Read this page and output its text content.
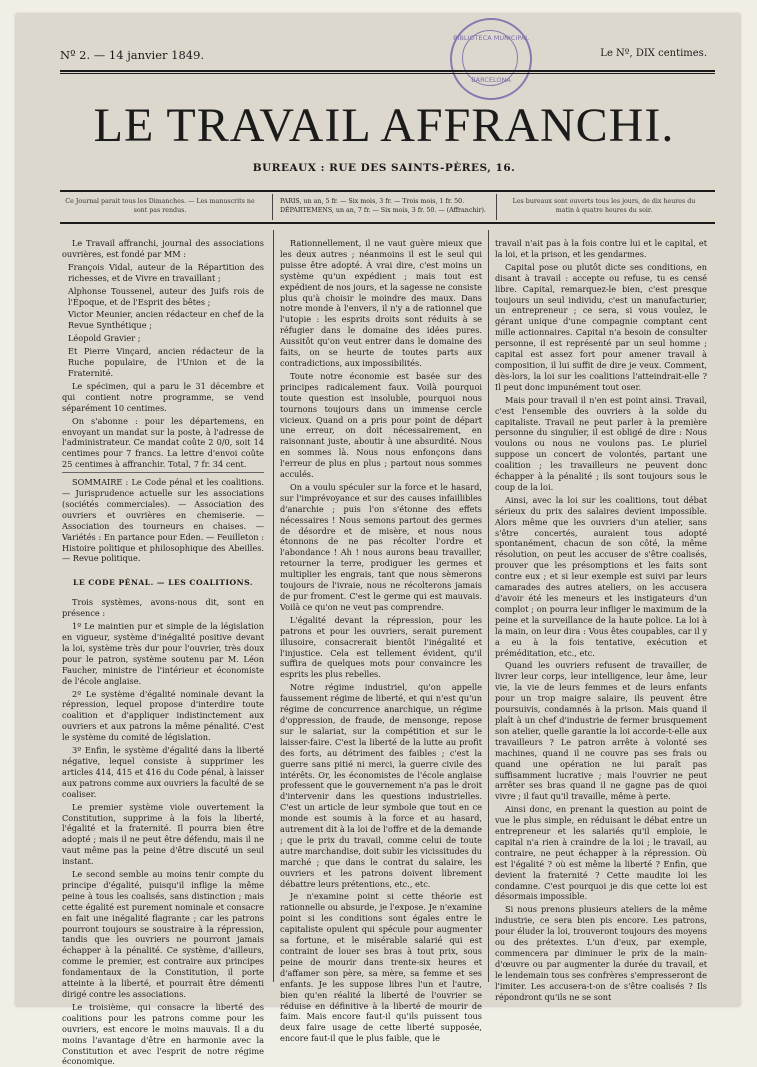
BIBLIOTECA MUNICIPAL
BARCELONA
Nº 2. — 14 janvier 1849.	Le Nº, DIX centimes.
LE TRAVAIL AFFRANCHI.
BUREAUX : RUE DES SAINTS-PÈRES, 16.
Ce Journal parait tous les Dimanches. — Les manuscrits ne sont pas rendus.
PARIS, un an, 5 fr. — Six mois, 3 fr. — Trois mois, 1 fr. 50.
DÉPARTEMENS, un an, 7 fr. — Six mois, 3 fr. 50. — (Affranchir).
Les bureaux sont ouverts tous les jours, de dix heures du matin à quatre heures du soir.

Le Travail affranchi, journal des associations ouvrières, est fondé par MM :

François Vidal, auteur de la Répartition des richesses, et de Vivre en travaillant ;

Alphonse Toussenel, auteur des Juifs rois de l'Époque, et de l'Esprit des bêtes ;

Victor Meunier, ancien rédacteur en chef de la Revue Synthétique ;

Léopold Gravier ;

Et Pierre Vinçard, ancien rédacteur de la Ruche populaire, de l'Union et de la Fraternité.

Le spécimen, qui a paru le 31 décembre et qui contient notre programme, se vend séparément 10 centimes.

On s'abonne : pour les départemens, en envoyant un mandat sur la poste, à l'adresse de l'administrateur. Ce mandat coûte 2 0/0, soit 14 centimes pour 7 francs. La lettre d'envoi coûte 25 centimes à affranchir. Total, 7 fr. 34 cent.

SOMMAIRE : Le Code pénal et les coalitions. — Jurisprudence actuelle sur les associations (sociétés commerciales). — Association des ouvriers et ouvrières en chemiserie. — Association des tourneurs en chaises. — Variétés : En partance pour Eden. — Feuilleton : Histoire politique et philosophique des Abeilles. — Revue politique.

LE CODE PÉNAL. — LES COALITIONS.

Trois systèmes, avons-nous dit, sont en présence :

1º Le maintien pur et simple de la législation en vigueur, système d'inégalité positive devant la loi, système très dur pour l'ouvrier, très doux pour le patron, système soutenu par M. Léon Faucher, ministre de l'intérieur et économiste de l'école anglaise.

2º Le système d'égalité nominale devant la répression, lequel propose d'interdire toute coalition et d'appliquer indistinctement aux ouvriers et aux patrons la même pénalité. C'est le système du comité de législation.

3º Enfin, le système d'égalité dans la liberté négative, lequel consiste à supprimer les articles 414, 415 et 416 du Code pénal, à laisser aux patrons comme aux ouvriers la faculté de se coaliser.

Le premier système viole ouvertement la Constitution, supprime à la fois la liberté, l'égalité et la fraternité. Il pourra bien être adopté ; mais il ne peut être défendu, mais il ne vaut même pas la peine d'être discuté un seul instant.

Le second semble au moins tenir compte du principe d'égalité, puisqu'il inflige la même peine à tous les coalisés, sans distinction ; mais cette égalité est purement nominale et consacre en fait une inégalité flagrante ; car les patrons pourront toujours se soustraire à la répression, tandis que les ouvriers ne pourront jamais échapper à la pénalité. Ce système, d'ailleurs, comme le premier, est contraire aux principes fondamentaux de la Constitution, il porte atteinte à la liberté, et pourrait être démenti dirigé contre les associations.

Le troisième, qui consacre la liberté des coalitions pour les patrons comme pour les ouvriers, est encore le moins mauvais. Il a du moins l'avantage d'être en harmonie avec la Constitution et avec l'esprit de notre régime économique.

Rationnellement, il ne vaut guère mieux que les deux autres ; néanmoins il est le seul qui puisse être adopté. À vrai dire, c'est moins un système qu'un expédient ; mais tout est expédient de nos jours, et la sagesse ne consiste plus qu'à choisir le moindre des maux. Dans notre monde à l'envers, il n'y a de rationnel que l'utopie : les esprits droits sont réduits à se réfugier dans le domaine des idées pures. Aussitôt qu'on veut entrer dans le domaine des faits, on se heurte de toutes parts aux contradictions, aux impossibilités.

Toute notre économie est basée sur des principes radicalement faux. Voilà pourquoi toute question est insoluble, pourquoi nous tournons toujours dans un immense cercle vicieux. Quand on a pris pour point de départ une erreur, on doit nécessairement, en raisonnant juste, aboutir à une absurdité. Nous en sommes là. Nous nous enfonçons dans l'erreur de plus en plus ; partout nous sommes acculés.

On a voulu spéculer sur la force et le hasard, sur l'imprévoyance et sur des causes infaillibles d'anarchie ; puis l'on s'étonne des effets nécessaires ! Nous semons partout des germes de désordre et de misère, et nous nous étonnons de ne pas récolter l'ordre et l'abondance ! Ah ! nous aurons beau travailler, retourner la terre, prodiguer les germes et multiplier les engrais, tant que nous sèmerons toujours de l'ivraie, nous ne récolterons jamais de pur froment. C'est le germe qui est mauvais. Voilà ce qu'on ne veut pas comprendre.

L'égalité devant la répression, pour les patrons et pour les ouvriers, serait purement illusoire, consacrerait bientôt l'inégalité et l'injustice. Cela est tellement évident, qu'il suffira de quelques mots pour convaincre les esprits les plus rebelles.

Notre régime industriel, qu'on appelle faussement régime de liberté, et qui n'est qu'un régime de concurrence anarchique, un régime d'oppression, de fraude, de mensonge, repose sur le salariat, sur la compétition et sur le laisser-faire. C'est la liberté de la lutte au profit des forts, au détriment des faibles ; c'est la guerre sans pitié ni merci, la guerre civile des intérêts. Or, les économistes de l'école anglaise professent que le gouvernement n'a pas le droit d'intervenir dans les questions industrielles. C'est un article de leur symbole que tout en ce monde est soumis à la force et au hasard, autrement dit à la loi de l'offre et de la demande ; que le prix du travail, comme celui de toute autre marchandise, doit subir les vicissitudes du marché ; que dans le contrat du salaire, les ouvriers et les patrons doivent librement débattre leurs prétentions, etc., etc.

Je n'examine point si cette théorie est rationnelle ou absurde, je l'expose. Je n'examine point si les conditions sont égales entre le capitaliste opulent qui spécule pour augmenter sa fortune, et le misérable salarié qui est contraint de louer ses bras à tout prix, sous peine de mourir dans trente-six heures et d'affamer son père, sa mère, sa femme et ses enfants. Je les suppose libres l'un et l'autre, bien qu'en réalité la liberté de l'ouvrier se réduise en définitive à la liberté de mourir de faim. Mais encore faut-il qu'ils puissent tous deux faire usage de cette liberté supposée, encore faut-il que le plus faible, que le

travail n'ait pas à la fois contre lui et le capital, et la loi, et la prison, et les gendarmes.

Capital pose ou plutôt dicte ses conditions, en disant à travail : accepte ou refuse, tu es censé libre. Capital, remarquez-le bien, c'est presque toujours un seul individu, c'est un manufacturier, un entrepreneur ; ce sera, si vous voulez, le gérant unique d'une compagnie comptant cent mille actionnaires. Capital n'a besoin de consulter personne, il est représenté par un seul homme ; capital est assez fort pour amener travail à composition, il lui suffit de dire je veux. Comment, dès-lors, la loi sur les coalitions l'atteindrait-elle ? Il peut donc impunément tout oser.

Mais pour travail il n'en est point ainsi. Travail, c'est l'ensemble des ouvriers à la solde du capitaliste. Travail ne peut parler à la première personne du singulier, il est obligé de dire : Nous voulons ou nous ne voulons pas. Le pluriel suppose un concert de volontés, partant une coalition ; les travailleurs ne peuvent donc échapper à la pénalité ; ils sont toujours sous le coup de la loi.

Ainsi, avec la loi sur les coalitions, tout débat sérieux du prix des salaires devient impossible. Alors même que les ouvriers d'un atelier, sans s'être concertés, auraient tous adopté spontanément, chacun de son côté, la même résolution, on peut les accuser de s'être coalisés, prouver que les présomptions et les faits sont contre eux ; et si leur exemple est suivi par leurs camarades des autres ateliers, on les accusera d'avoir été les meneurs et les instigateurs d'un complot ; on pourra leur infliger le maximum de la peine et la surveillance de la haute police. La loi à la main, on leur dira : Vous êtes coupables, car il y a eu à la fois tentative, exécution et préméditation, etc., etc.

Quand les ouvriers refusent de travailler, de livrer leur corps, leur intelligence, leur âme, leur vie, la vie de leurs femmes et de leurs enfants pour un trop maigre salaire, ils peuvent être poursuivis, condamnés à la prison. Mais quand il plaît à un chef d'industrie de fermer brusquement son atelier, quelle garantie la loi accorde-t-elle aux travailleurs ? Le patron arrête à volonté ses machines, quand il ne couvre pas ses frais ou quand une opération ne lui paraît pas suffisamment lucrative ; mais l'ouvrier ne peut arrêter ses bras quand il ne gagne pas de quoi vivre ; il faut qu'il travaille, même à perte.

Ainsi donc, en prenant la question au point de vue le plus simple, en réduisant le débat entre un entrepreneur et les salariés qu'il emploie, le capital n'a rien à craindre de la loi ; le travail, au contraire, ne peut échapper à la répression. Où est l'égalité ? où est même la liberté ? Enfin, que devient la fraternité ? Cette maudite loi les condamne. C'est pourquoi je dis que cette loi est désormais impossible.

Si nous prenons plusieurs ateliers de la même industrie, ce sera bien pis encore. Les patrons, pour éluder la loi, trouveront toujours des moyens ou des prétextes. L'un d'eux, par exemple, commencera par diminuer le prix de la main-d'œuvre ou par augmenter la durée du travail, et le lendemain tous ses confrères s'empresseront de l'imiter. Les accusera-t-on de s'être coalisés ? Ils répondront qu'ils ne se sont
